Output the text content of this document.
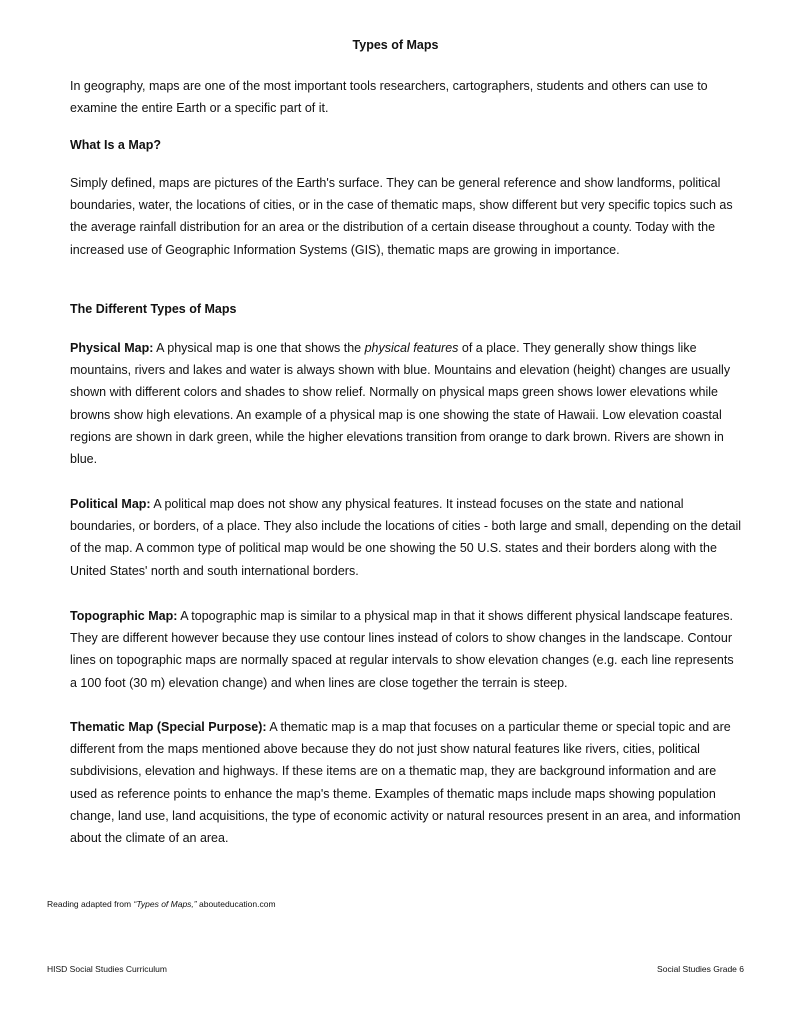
Types of Maps
In geography, maps are one of the most important tools researchers, cartographers, students and others can use to examine the entire Earth or a specific part of it.
What Is a Map?
Simply defined, maps are pictures of the Earth's surface. They can be general reference and show landforms, political boundaries, water, the locations of cities, or in the case of thematic maps, show different but very specific topics such as the average rainfall distribution for an area or the distribution of a certain disease throughout a county. Today with the increased use of Geographic Information Systems (GIS), thematic maps are growing in importance.
The Different Types of Maps
Physical Map: A physical map is one that shows the physical features of a place. They generally show things like mountains, rivers and lakes and water is always shown with blue. Mountains and elevation (height) changes are usually shown with different colors and shades to show relief. Normally on physical maps green shows lower elevations while browns show high elevations. An example of a physical map is one showing the state of Hawaii. Low elevation coastal regions are shown in dark green, while the higher elevations transition from orange to dark brown. Rivers are shown in blue.
Political Map: A political map does not show any physical features. It instead focuses on the state and national boundaries, or borders, of a place. They also include the locations of cities - both large and small, depending on the detail of the map. A common type of political map would be one showing the 50 U.S. states and their borders along with the United States' north and south international borders.
Topographic Map: A topographic map is similar to a physical map in that it shows different physical landscape features. They are different however because they use contour lines instead of colors to show changes in the landscape. Contour lines on topographic maps are normally spaced at regular intervals to show elevation changes (e.g. each line represents a 100 foot (30 m) elevation change) and when lines are close together the terrain is steep.
Thematic Map (Special Purpose): A thematic map is a map that focuses on a particular theme or special topic and are different from the maps mentioned above because they do not just show natural features like rivers, cities, political subdivisions, elevation and highways. If these items are on a thematic map, they are background information and are used as reference points to enhance the map's theme. Examples of thematic maps include maps showing population change, land use, land acquisitions, the type of economic activity or natural resources present in an area, and information about the climate of an area.
Reading adapted from “Types of Maps,” abouteducation.com
HISD Social Studies Curriculum	Social Studies Grade 6
